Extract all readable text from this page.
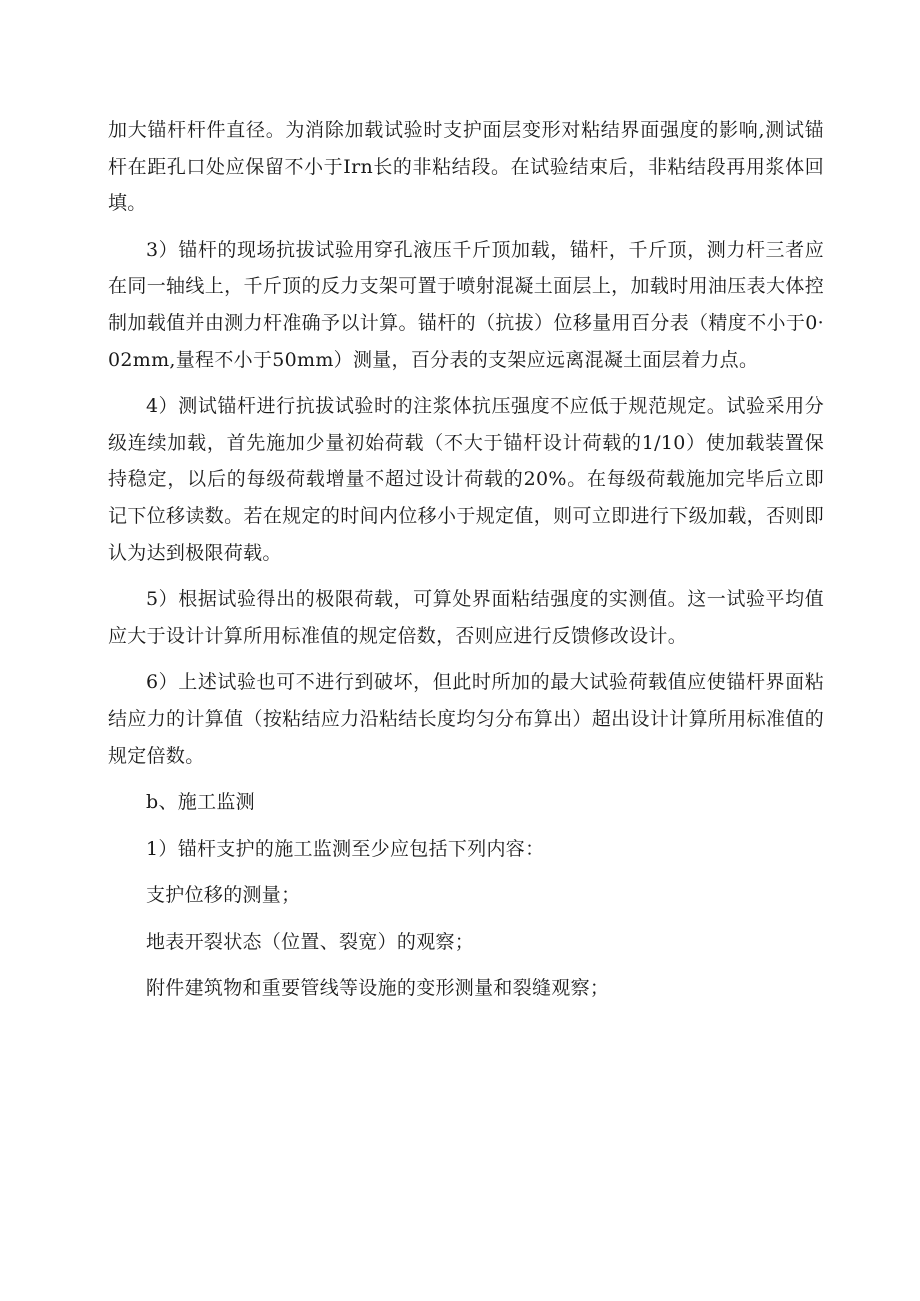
加大锚杆杆件直径。为消除加载试验时支护面层变形对粘结界面强度的影响,测试锚杆在距孔口处应保留不小于Irn长的非粘结段。在试验结束后，非粘结段再用浆体回填。

3）锚杆的现场抗拔试验用穿孔液压千斤顶加载，锚杆，千斤顶，测力杆三者应在同一轴线上，千斤顶的反力支架可置于喷射混凝土面层上，加载时用油压表大体控制加载值并由测力杆准确予以计算。锚杆的（抗拔）位移量用百分表（精度不小于0·02mm,量程不小于50mm）测量，百分表的支架应远离混凝土面层着力点。

4）测试锚杆进行抗拔试验时的注浆体抗压强度不应低于规范规定。试验采用分级连续加载，首先施加少量初始荷载（不大于锚杆设计荷载的1/10）使加载装置保持稳定，以后的每级荷载增量不超过设计荷载的20%。在每级荷载施加完毕后立即记下位移读数。若在规定的时间内位移小于规定值，则可立即进行下级加载，否则即认为达到极限荷载。

5）根据试验得出的极限荷载，可算处界面粘结强度的实测值。这一试验平均值应大于设计计算所用标准值的规定倍数，否则应进行反馈修改设计。

6）上述试验也可不进行到破坏，但此时所加的最大试验荷载值应使锚杆界面粘结应力的计算值（按粘结应力沿粘结长度均匀分布算出）超出设计计算所用标准值的规定倍数。

b、施工监测

1）锚杆支护的施工监测至少应包括下列内容：

支护位移的测量；

地表开裂状态（位置、裂宽）的观察；

附件建筑物和重要管线等设施的变形测量和裂缝观察；
